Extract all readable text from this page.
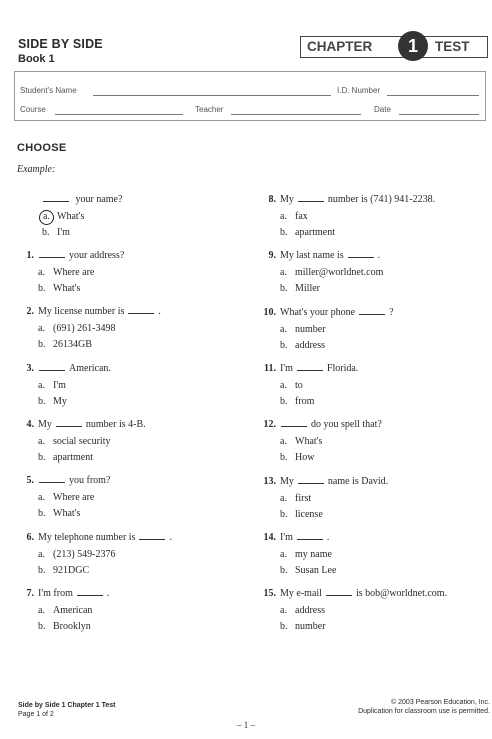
SIDE BY SIDE
Book 1
CHAPTER	1	TEST
Student's Name	I.D. Number
Course	Teacher	Date
CHOOSE
Example:
your name?
a. What's
b. I'm
1.	your address?
a. Where are
b. What's
2. My license number is	.
a. (691) 261-3498
b. 26134GB
3.	American.
a. I'm
b. My
4. My	number is 4-B.
a. social security
b. apartment
5.	you from?
a. Where are
b. What's
6. My telephone number is	.
a. (213) 549-2376
b. 921DGC
7. I'm from	.
a. American
b. Brooklyn
8. My	number is (741) 941-2238.
a. fax
b. apartment
9. My last name is	.
a. miller@worldnet.com
b. Miller
10. What's your phone	?
a. number
b. address
11. I'm	Florida.
a. to
b. from
12.	do you spell that?
a. What's
b. How
13. My	name is David.
a. first
b. license
14. I'm	.
a. my name
b. Susan Lee
15. My e-mail	is bob@worldnet.com.
a. address
b. number
Side by Side 1 Chapter 1 Test
Page 1 of 2
© 2003 Pearson Education, Inc.
Duplication for classroom use is permitted.
– 1 –
